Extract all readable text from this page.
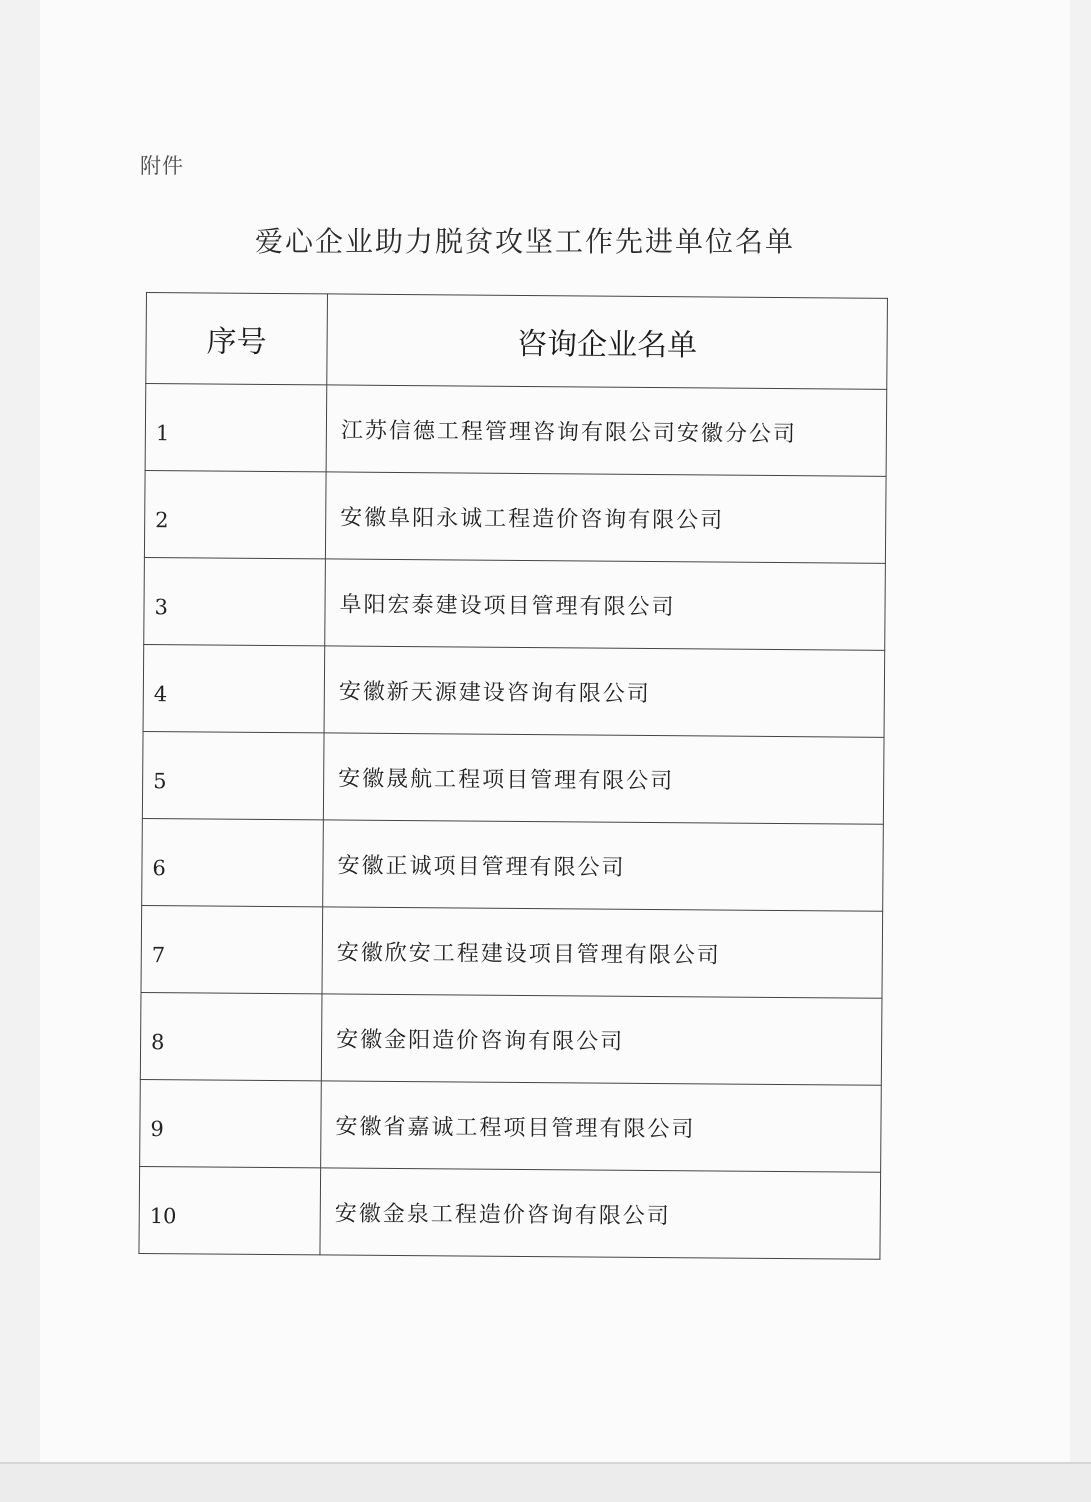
附件
爱心企业助力脱贫攻坚工作先进单位名单
序号	咨询企业名单
1	江苏信德工程管理咨询有限公司安徽分公司
2	安徽阜阳永诚工程造价咨询有限公司
3	阜阳宏泰建设项目管理有限公司
4	安徽新天源建设咨询有限公司
5	安徽晟航工程项目管理有限公司
6	安徽正诚项目管理有限公司
7	安徽欣安工程建设项目管理有限公司
8	安徽金阳造价咨询有限公司
9	安徽省嘉诚工程项目管理有限公司
10	安徽金泉工程造价咨询有限公司
